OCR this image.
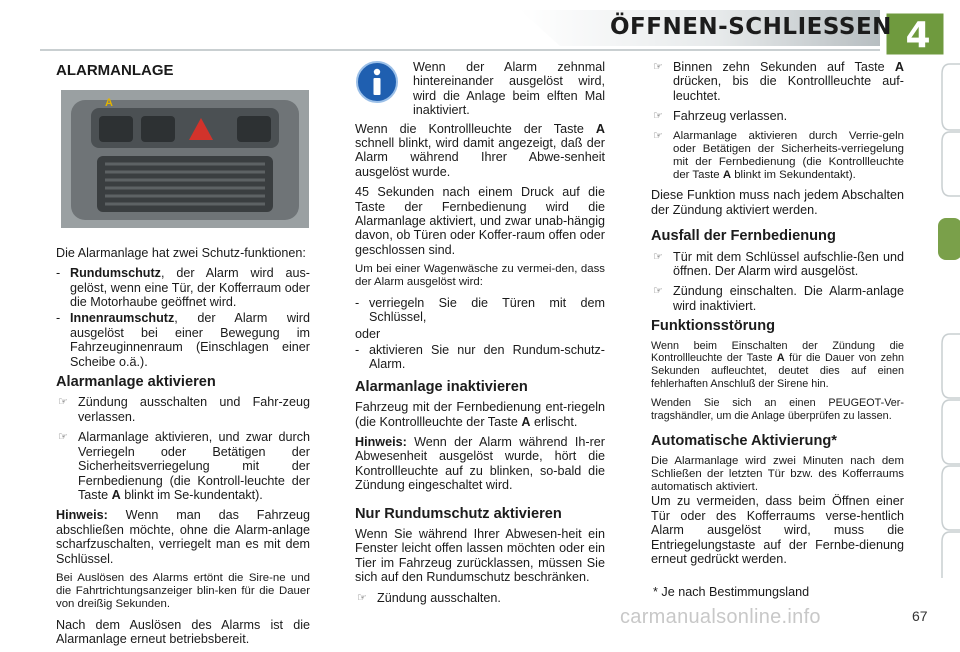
ÖFFNEN-SCHLIESSEN 4
ALARMANLAGE
A

Die Alarmanlage hat zwei Schutz-funktionen:

- Rundumschutz, der Alarm wird aus-gelöst, wenn eine Tür, der Kofferraum oder die Motorhaube geöffnet wird.
- Innenraumschutz, der Alarm wird ausgelöst bei einer Bewegung im Fahrzeuginnenraum (Einschlagen einer Scheibe o.ä.).
Alarmanlage aktivieren
☞ Zündung ausschalten und Fahr-zeug verlassen.
☞ Alarmanlage aktivieren, und zwar durch Verriegeln oder Betätigen der Sicherheitsverriegelung mit der Fernbedienung (die Kontroll-leuchte der Taste A blinkt im Se-kundentakt).

Hinweis: Wenn man das Fahrzeug abschließen möchte, ohne die Alarm-anlage scharfzuschalten, verriegelt man es mit dem Schlüssel.

Bei Auslösen des Alarms ertönt die Sire-ne und die Fahrtrichtungsanzeiger blin-ken für die Dauer von dreißig Sekunden.

Nach dem Auslösen des Alarms ist die Alarmanlage erneut betriebsbereit.

Wenn der Alarm zehnmal hintereinander ausgelöst wird, wird die Anlage beim elften Mal inaktiviert.

Wenn die Kontrollleuchte der Taste A schnell blinkt, wird damit angezeigt, daß der Alarm während Ihrer Abwe-senheit ausgelöst wurde.

45 Sekunden nach einem Druck auf die Taste der Fernbedienung wird die Alarmanlage aktiviert, und zwar unab-hängig davon, ob Türen oder Koffer-raum offen oder geschlossen sind.

Um bei einer Wagenwäsche zu vermei-den, dass der Alarm ausgelöst wird:

- verriegeln Sie die Türen mit dem Schlüssel,
oder
- aktivieren Sie nur den Rundum-schutz-Alarm.
Alarmanlage inaktivieren

Fahrzeug mit der Fernbedienung ent-riegeln (die Kontrollleuchte der Taste A erlischt.

Hinweis: Wenn der Alarm während Ih-rer Abwesenheit ausgelöst wurde, hört die Kontrollleuchte auf zu blinken, so-bald die Zündung eingeschaltet wird.

Nur Rundumschutz aktivieren

Wenn Sie während Ihrer Abwesen-heit ein Fenster leicht offen lassen möchten oder ein Tier im Fahrzeug zurücklassen, müssen Sie sich auf den Rundumschutz beschränken.

☞ Zündung ausschalten.
☞ Binnen zehn Sekunden auf Taste A drücken, bis die Kontrollleuchte auf-leuchtet.
☞ Fahrzeug verlassen.
☞ Alarmanlage aktivieren durch Verrie-geln oder Betätigen der Sicherheits-verriegelung mit der Fernbedienung (die Kontrollleuchte der Taste A blinkt im Sekundentakt).

Diese Funktion muss nach jedem Abschalten der Zündung aktiviert werden.

Ausfall der Fernbedienung
☞ Tür mit dem Schlüssel aufschlie-ßen und öffnen. Der Alarm wird ausgelöst.
☞ Zündung einschalten. Die Alarm-anlage wird inaktiviert.
Funktionsstörung

Wenn beim Einschalten der Zündung die Kontrollleuchte der Taste A für die Dauer von zehn Sekunden aufleuchtet, deutet dies auf einen fehlerhaften Anschluß der Sirene hin.

Wenden Sie sich an einen PEUGEOT-Ver-tragshändler, um die Anlage überprüfen zu lassen.

Automatische Aktivierung*

Die Alarmanlage wird zwei Minuten nach dem Schließen der letzten Tür bzw. des Kofferraums automatisch aktiviert.

Um zu vermeiden, dass beim Öffnen einer Tür oder des Kofferraums verse-hentlich Alarm ausgelöst wird, muss die Entriegelungstaste auf der Fernbe-dienung erneut gedrückt werden.

* Je nach Bestimmungsland

carmanualsonline.info	67
